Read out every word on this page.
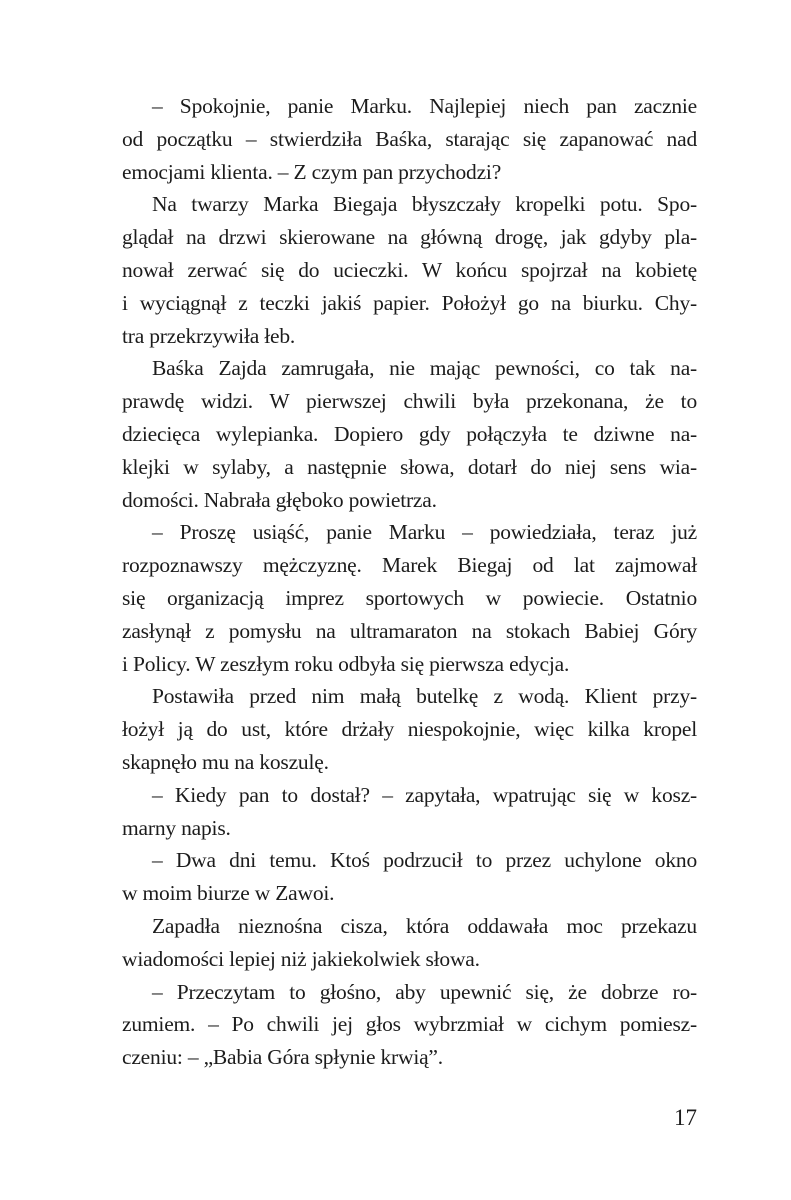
– Spokojnie, panie Marku. Najlepiej niech pan zacznie
od początku – stwierdziła Baśka, starając się zapanować nad
emocjami klienta. – Z czym pan przychodzi?
Na twarzy Marka Biegaja błyszczały kropelki potu. Spo-
glądał na drzwi skierowane na główną drogę, jak gdyby pla-
nował zerwać się do ucieczki. W końcu spojrzał na kobietę
i wyciągnął z teczki jakiś papier. Położył go na biurku. Chy-
tra przekrzywiła łeb.
Baśka Zajda zamrugała, nie mając pewności, co tak na-
prawdę widzi. W pierwszej chwili była przekonana, że to
dziecięca wylepianka. Dopiero gdy połączyła te dziwne na-
klejki w sylaby, a następnie słowa, dotarł do niej sens wia-
domości. Nabrała głęboko powietrza.
– Proszę usiąść, panie Marku – powiedziała, teraz już
rozpoznawszy mężczyznę. Marek Biegaj od lat zajmował
się organizacją imprez sportowych w powiecie. Ostatnio
zasłynął z pomysłu na ultramaraton na stokach Babiej Góry
i Policy. W zeszłym roku odbyła się pierwsza edycja.
Postawiła przed nim małą butelkę z wodą. Klient przy-
łożył ją do ust, które drżały niespokojnie, więc kilka kropel
skapnęło mu na koszulę.
– Kiedy pan to dostał? – zapytała, wpatrując się w kosz-
marny napis.
– Dwa dni temu. Ktoś podrzucił to przez uchylone okno
w moim biurze w Zawoi.
Zapadła nieznośna cisza, która oddawała moc przekazu
wiadomości lepiej niż jakiekolwiek słowa.
– Przeczytam to głośno, aby upewnić się, że dobrze ro-
zumiem. – Po chwili jej głos wybrzmiał w cichym pomiesz-
czeniu: – „Babia Góra spłynie krwią”.
17
